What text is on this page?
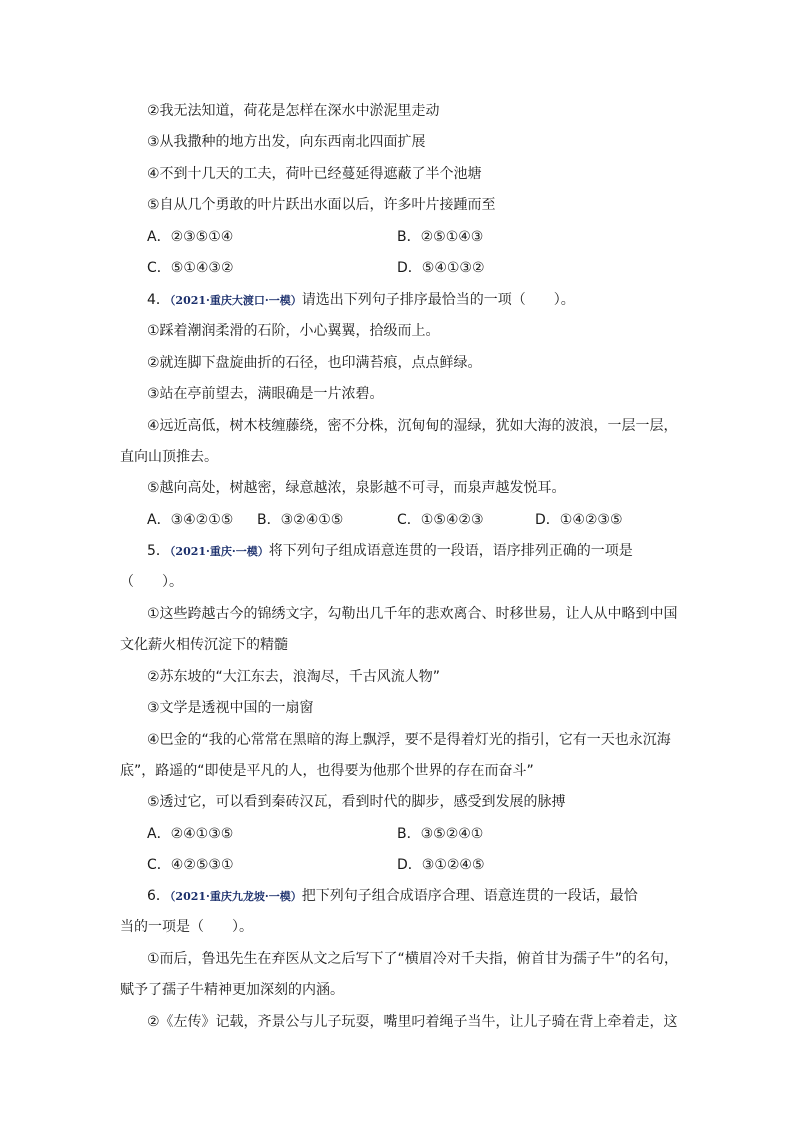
②我无法知道，荷花是怎样在深水中淤泥里走动
③从我撒种的地方出发，向东西南北四面扩展
④不到十几天的工夫，荷叶已经蔓延得遮蔽了半个池塘
⑤自从几个勇敢的叶片跃出水面以后，许多叶片接踵而至
A．②③⑤①④	B．②⑤①④③
C．⑤①④③②	D．⑤④①③②
4．（2021·重庆大渡口·一模）请选出下列句子排序最恰当的一项（　　）。
①踩着潮润柔滑的石阶，小心翼翼，拾级而上。
②就连脚下盘旋曲折的石径，也印满苔痕，点点鲜绿。
③站在亭前望去，满眼确是一片浓碧。
④远近高低，树木枝缠藤绕，密不分株，沉甸甸的湿绿，犹如大海的波浪，一层一层，
直向山顶推去。
⑤越向高处，树越密，绿意越浓，泉影越不可寻，而泉声越发悦耳。
A．③④②①⑤ B．③②④①⑤	C．①⑤④②③	D．①④②③⑤
5．（2021·重庆·一模）将下列句子组成语意连贯的一段语，语序排列正确的一项是
（　　）。
①这些跨越古今的锦绣文字，勾勒出几千年的悲欢离合、时移世易，让人从中略到中国
文化薪火相传沉淀下的精髓
②苏东坡的“大江东去，浪淘尽，千古风流人物”
③文学是透视中国的一扇窗
④巴金的“我的心常常在黑暗的海上飘浮，要不是得着灯光的指引，它有一天也永沉海
底”，路遥的“即使是平凡的人，也得要为他那个世界的存在而奋斗”
⑤透过它，可以看到秦砖汉瓦，看到时代的脚步，感受到发展的脉搏
A．②④①③⑤	B．③⑤②④①
C．④②⑤③①	D．③①②④⑤
6．（2021·重庆九龙坡·一模）把下列句子组合成语序合理、语意连贯的一段话，最恰
当的一项是（　　）。
①而后，鲁迅先生在弃医从文之后写下了“横眉冷对千夫指，俯首甘为孺子牛”的名句，
赋予了孺子牛精神更加深刻的内涵。
②《左传》记载，齐景公与儿子玩耍，嘴里叼着绳子当牛，让儿子骑在背上牵着走，这
